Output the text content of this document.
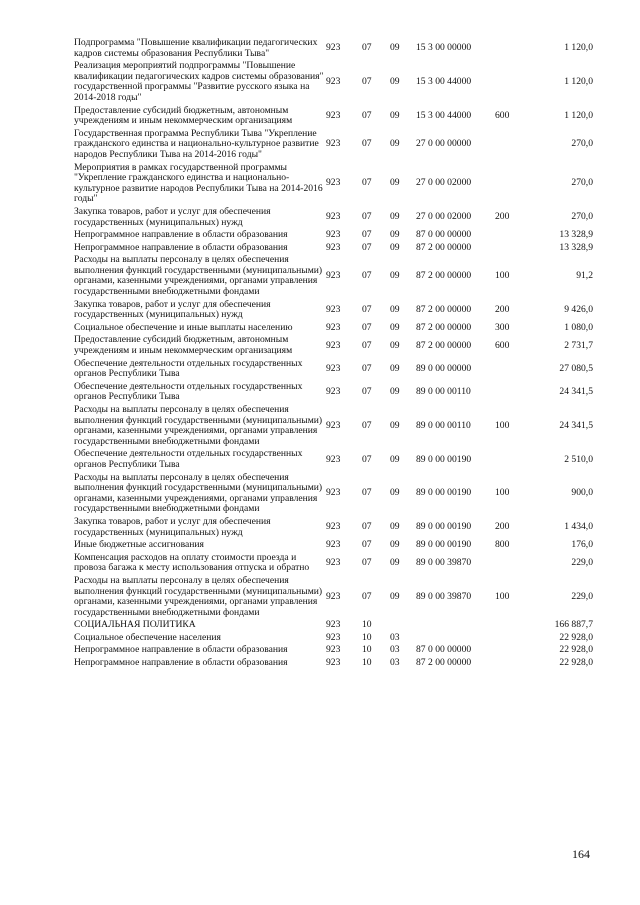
Подпрограмма "Повышение квалификации педагогических кадров системы образования Республики Тыва"	923	07	09	15 3 00 00000		1 120,0
Реализация мероприятий подпрограммы "Повышение квалификации педагогических кадров системы образования" государственной программы "Развитие русского языка на 2014-2018 годы"	923	07	09	15 3 00 44000		1 120,0
Предоставление субсидий бюджетным, автономным учреждениям и иным некоммерческим организациям	923	07	09	15 3 00 44000	600	1 120,0
Государственная программа Республики Тыва "Укрепление гражданского единства и национально-культурное развитие народов Республики Тыва на 2014-2016 годы"	923	07	09	27 0 00 00000		270,0
Мероприятия в рамках государственной программы "Укрепление гражданского единства и национально-культурное развитие народов Республики Тыва на 2014-2016 годы"	923	07	09	27 0 00 02000		270,0
Закупка товаров, работ и услуг для обеспечения государственных (муниципальных) нужд	923	07	09	27 0 00 02000	200	270,0
Непрограммное направление в области образования	923	07	09	87 0 00 00000		13 328,9
Непрограммное направление в области образования	923	07	09	87 2 00 00000		13 328,9
Расходы на выплаты персоналу в целях обеспечения выполнения функций государственными (муниципальными) органами, казенными учреждениями, органами управления государственными внебюджетными фондами	923	07	09	87 2 00 00000	100	91,2
Закупка товаров, работ и услуг для обеспечения государственных (муниципальных) нужд	923	07	09	87 2 00 00000	200	9 426,0
Социальное обеспечение и иные выплаты населению	923	07	09	87 2 00 00000	300	1 080,0
Предоставление субсидий бюджетным, автономным учреждениям и иным некоммерческим организациям	923	07	09	87 2 00 00000	600	2 731,7
Обеспечение деятельности отдельных государственных органов Республики Тыва	923	07	09	89 0 00 00000		27 080,5
Обеспечение деятельности отдельных государственных органов Республики Тыва	923	07	09	89 0 00 00110		24 341,5
Расходы на выплаты персоналу в целях обеспечения выполнения функций государственными (муниципальными) органами, казенными учреждениями, органами управления государственными внебюджетными фондами	923	07	09	89 0 00 00110	100	24 341,5
Обеспечение деятельности отдельных государственных органов Республики Тыва	923	07	09	89 0 00 00190		2 510,0
Расходы на выплаты персоналу в целях обеспечения выполнения функций государственными (муниципальными) органами, казенными учреждениями, органами управления государственными внебюджетными фондами	923	07	09	89 0 00 00190	100	900,0
Закупка товаров, работ и услуг для обеспечения государственных (муниципальных) нужд	923	07	09	89 0 00 00190	200	1 434,0
Иные бюджетные ассигнования	923	07	09	89 0 00 00190	800	176,0
Компенсация расходов на оплату стоимости проезда и провоза багажа к месту использования отпуска и обратно	923	07	09	89 0 00 39870		229,0
Расходы на выплаты персоналу в целях обеспечения выполнения функций государственными (муниципальными) органами, казенными учреждениями, органами управления государственными внебюджетными фондами	923	07	09	89 0 00 39870	100	229,0
СОЦИАЛЬНАЯ ПОЛИТИКА	923	10				166 887,7
Социальное обеспечение населения	923	10	03			22 928,0
Непрограммное направление в области образования	923	10	03	87 0 00 00000		22 928,0
Непрограммное направление в области образования	923	10	03	87 2 00 00000		22 928,0
164
